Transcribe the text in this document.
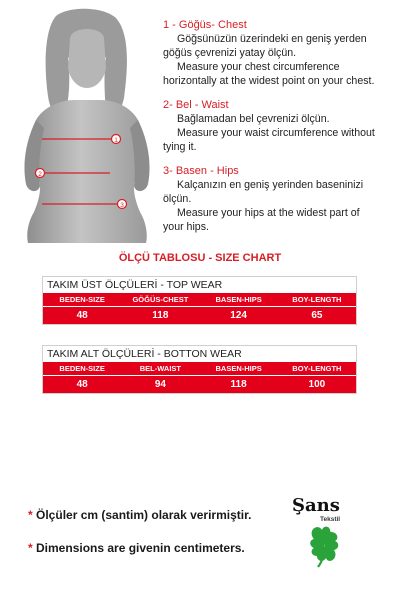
1
2
3
1 - Göğüs- Chest
Göğsünüzün üzerindeki en geniş yerden
göğüs çevrenizi yatay ölçün.
Measure your chest circumference
horizontally at the widest point on your chest.
2- Bel - Waist
Bağlamadan bel çevrenizi ölçün.
Measure your waist circumference without
tying it.
3- Basen - Hips
Kalçanızın en geniş yerinden baseninizi
ölçün.
Measure your hips at the widest part of
your hips.
ÖLÇÜ TABLOSU - SIZE CHART
TAKIM ÜST ÖLÇÜLERİ - TOP WEAR
BEDEN-SIZE	GÖĞÜS-CHEST	BASEN-HIPS	BOY-LENGTH
48	118	124	65
TAKIM ALT ÖLÇÜLERİ - BOTTON WEAR
BEDEN-SIZE	BEL-WAIST	BASEN-HIPS	BOY-LENGTH
48	94	118	100
* Ölçüler cm (santim) olarak verirmiştir.
* Dimensions are givenin centimeters.
Şans
Tekstil
